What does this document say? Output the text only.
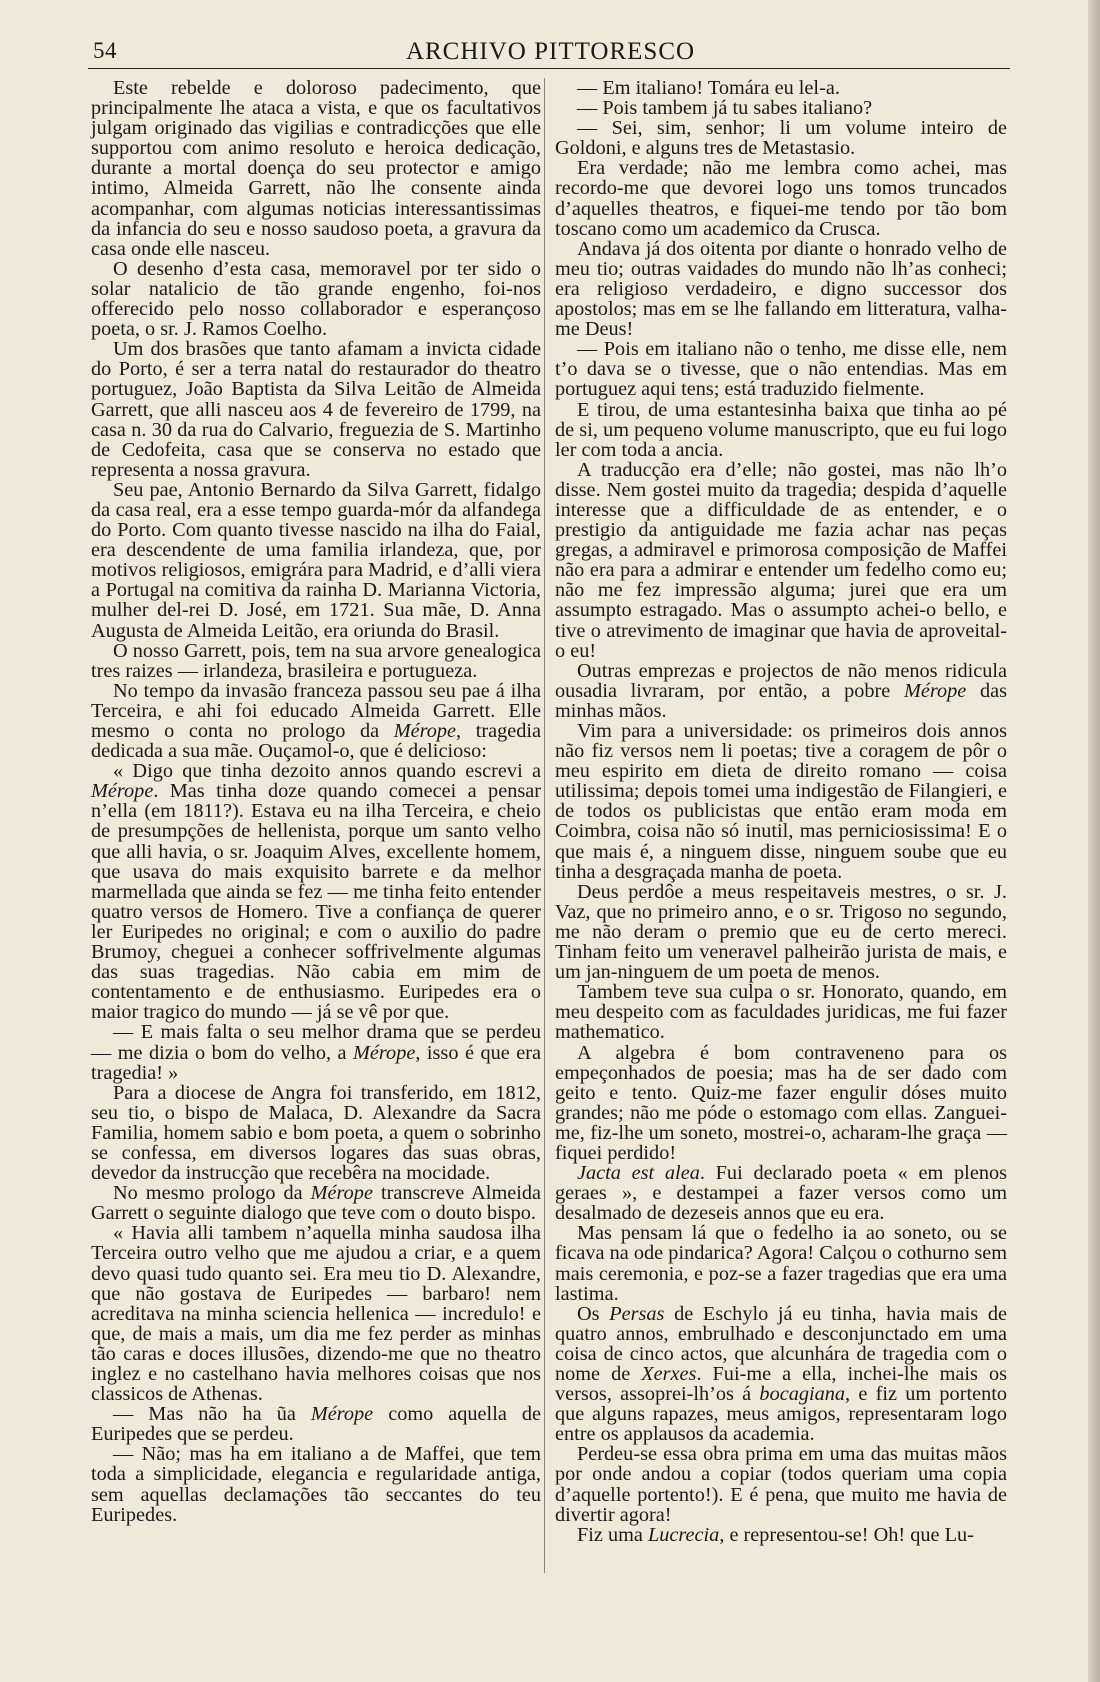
54	ARCHIVO PITTORESCO

Este rebelde e doloroso padecimento, que principalmente lhe ataca a vista, e que os facultativos julgam originado das vigilias e contradicções que elle supportou com animo resoluto e heroica dedicação, durante a mortal doença do seu protector e amigo intimo, Almeida Garrett, não lhe consente ainda acompanhar, com algumas noticias interessantissimas da infancia do seu e nosso saudoso poeta, a gravura da casa onde elle nasceu.

O desenho d’esta casa, memoravel por ter sido o solar natalicio de tão grande engenho, foi-nos offerecido pelo nosso collaborador e esperançoso poeta, o sr. J. Ramos Coelho.

Um dos brasões que tanto afamam a invicta cidade do Porto, é ser a terra natal do restaurador do theatro portuguez, João Baptista da Silva Leitão de Almeida Garrett, que alli nasceu aos 4 de fevereiro de 1799, na casa n. 30 da rua do Calvario, freguezia de S. Martinho de Cedofeita, casa que se conserva no estado que representa a nossa gravura.

Seu pae, Antonio Bernardo da Silva Garrett, fidalgo da casa real, era a esse tempo guarda-mór da alfandega do Porto. Com quanto tivesse nascido na ilha do Faial, era descendente de uma familia irlandeza, que, por motivos religiosos, emigrára para Madrid, e d’alli viera a Portugal na comitiva da rainha D. Marianna Victoria, mulher del-rei D. José, em 1721. Sua mãe, D. Anna Augusta de Almeida Leitão, era oriunda do Brasil.

O nosso Garrett, pois, tem na sua arvore genealogica tres raizes — irlandeza, brasileira e portugueza.

No tempo da invasão franceza passou seu pae á ilha Terceira, e ahi foi educado Almeida Garrett. Elle mesmo o conta no prologo da Mérope, tragedia dedicada a sua mãe. Ouçamol-o, que é delicioso:

« Digo que tinha dezoito annos quando escrevi a Mérope. Mas tinha doze quando comecei a pensar n’ella (em 1811?). Estava eu na ilha Terceira, e cheio de presumpções de hellenista, porque um santo velho que alli havia, o sr. Joaquim Alves, excellente homem, que usava do mais exquisito barrete e da melhor marmellada que ainda se fez — me tinha feito entender quatro versos de Homero. Tive a confiança de querer ler Euripedes no original; e com o auxilio do padre Brumoy, cheguei a conhecer soffrivelmente algumas das suas tragedias. Não cabia em mim de contentamento e de enthusiasmo. Euripedes era o maior tragico do mundo — já se vê por que.

— E mais falta o seu melhor drama que se perdeu — me dizia o bom do velho, a Mérope, isso é que era tragedia! »

Para a diocese de Angra foi transferido, em 1812, seu tio, o bispo de Malaca, D. Alexandre da Sacra Familia, homem sabio e bom poeta, a quem o sobrinho se confessa, em diversos logares das suas obras, devedor da instrucção que recebêra na mocidade.

No mesmo prologo da Mérope transcreve Almeida Garrett o seguinte dialogo que teve com o douto bispo.

« Havia alli tambem n’aquella minha saudosa ilha Terceira outro velho que me ajudou a criar, e a quem devo quasi tudo quanto sei. Era meu tio D. Alexandre, que não gostava de Euripedes — barbaro! nem acreditava na minha sciencia hellenica — incredulo! e que, de mais a mais, um dia me fez perder as minhas tão caras e doces illusões, dizendo-me que no theatro inglez e no castelhano havia melhores coisas que nos classicos de Athenas.

— Mas não ha ũa Mérope como aquella de Euripedes que se perdeu.

— Não; mas ha em italiano a de Maffei, que tem toda a simplicidade, elegancia e regularidade antiga, sem aquellas declamações tão seccantes do teu Euripedes.

— Em italiano! Tomára eu lel-a.

— Pois tambem já tu sabes italiano?

— Sei, sim, senhor; li um volume inteiro de Goldoni, e alguns tres de Metastasio.

Era verdade; não me lembra como achei, mas recordo-me que devorei logo uns tomos truncados d’aquelles theatros, e fiquei-me tendo por tão bom toscano como um academico da Crusca.

Andava já dos oitenta por diante o honrado velho de meu tio; outras vaidades do mundo não lh’as conheci; era religioso verdadeiro, e digno successor dos apostolos; mas em se lhe fallando em litteratura, valha-me Deus!

— Pois em italiano não o tenho, me disse elle, nem t’o dava se o tivesse, que o não entendias. Mas em portuguez aqui tens; está traduzido fielmente.

E tirou, de uma estantesinha baixa que tinha ao pé de si, um pequeno volume manuscripto, que eu fui logo ler com toda a ancia.

A traducção era d’elle; não gostei, mas não lh’o disse. Nem gostei muito da tragedia; despida d’aquelle interesse que a difficuldade de as entender, e o prestigio da antiguidade me fazia achar nas peças gregas, a admiravel e primorosa composição de Maffei não era para a admirar e entender um fedelho como eu; não me fez impressão alguma; jurei que era um assumpto estragado. Mas o assumpto achei-o bello, e tive o atrevimento de imaginar que havia de aproveital-o eu!

Outras emprezas e projectos de não menos ridicula ousadia livraram, por então, a pobre Mérope das minhas mãos.

Vim para a universidade: os primeiros dois annos não fiz versos nem li poetas; tive a coragem de pôr o meu espirito em dieta de direito romano — coisa utilissima; depois tomei uma indigestão de Filangieri, e de todos os publicistas que então eram moda em Coimbra, coisa não só inutil, mas perniciosissima! E o que mais é, a ninguem disse, ninguem soube que eu tinha a desgraçada manha de poeta.

Deus perdôe a meus respeitaveis mestres, o sr. J. Vaz, que no primeiro anno, e o sr. Trigoso no segundo, me não deram o premio que eu de certo mereci. Tinham feito um veneravel palheirão jurista de mais, e um jan-ninguem de um poeta de menos.

Tambem teve sua culpa o sr. Honorato, quando, em meu despeito com as faculdades juridicas, me fui fazer mathematico.

A algebra é bom contraveneno para os empeçonhados de poesia; mas ha de ser dado com geito e tento. Quiz-me fazer engulir dóses muito grandes; não me póde o estomago com ellas. Zanguei-me, fiz-lhe um soneto, mostrei-o, acharam-lhe graça — fiquei perdido!

Jacta est alea. Fui declarado poeta « em plenos geraes », e destampei a fazer versos como um desalmado de dezeseis annos que eu era.

Mas pensam lá que o fedelho ia ao soneto, ou se ficava na ode pindarica? Agora! Calçou o cothurno sem mais ceremonia, e poz-se a fazer tragedias que era uma lastima.

Os Persas de Eschylo já eu tinha, havia mais de quatro annos, embrulhado e desconjunctado em uma coisa de cinco actos, que alcunhára de tragedia com o nome de Xerxes. Fui-me a ella, inchei-lhe mais os versos, assoprei-lh’os á bocagiana, e fiz um portento que alguns rapazes, meus amigos, representaram logo entre os applausos da academia.

Perdeu-se essa obra prima em uma das muitas mãos por onde andou a copiar (todos queriam uma copia d’aquelle portento!). E é pena, que muito me havia de divertir agora!

Fiz uma Lucrecia, e representou-se! Oh! que Lu-
